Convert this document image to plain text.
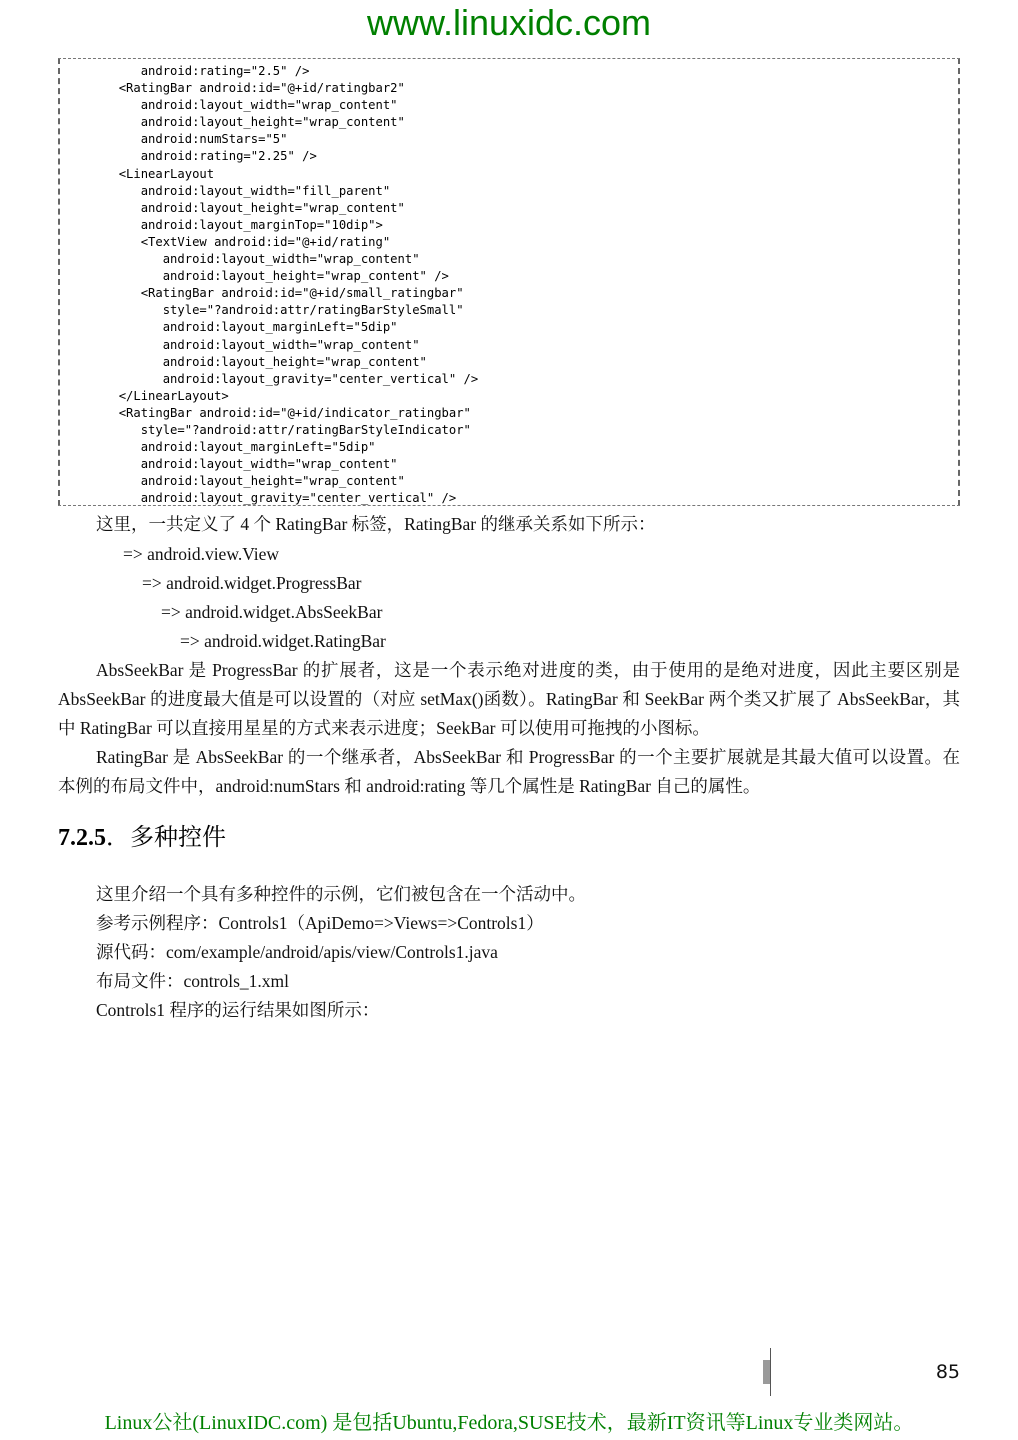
www.linuxidc.com
android:rating="2.5" />
<RatingBar android:id="@+id/ratingbar2"
android:layout_width="wrap_content"
android:layout_height="wrap_content"
android:numStars="5"
android:rating="2.25" />
<LinearLayout
android:layout_width="fill_parent"
android:layout_height="wrap_content"
android:layout_marginTop="10dip">
<TextView android:id="@+id/rating"
android:layout_width="wrap_content"
android:layout_height="wrap_content" />
<RatingBar android:id="@+id/small_ratingbar"
style="?android:attr/ratingBarStyleSmall"
android:layout_marginLeft="5dip"
android:layout_width="wrap_content"
android:layout_height="wrap_content"
android:layout_gravity="center_vertical" />
</LinearLayout>
<RatingBar android:id="@+id/indicator_ratingbar"
style="?android:attr/ratingBarStyleIndicator"
android:layout_marginLeft="5dip"
android:layout_width="wrap_content"
android:layout_height="wrap_content"
android:layout_gravity="center_vertical" />
这里，一共定义了 4 个 RatingBar 标签，RatingBar 的继承关系如下所示：
=> android.view.View
=> android.widget.ProgressBar
=> android.widget.AbsSeekBar
=> android.widget.RatingBar
AbsSeekBar 是 ProgressBar 的扩展者，这是一个表示绝对进度的类，由于使用的是绝对进度，因此主要区别是 AbsSeekBar 的进度最大值是可以设置的（对应 setMax()函数）。RatingBar 和 SeekBar 两个类又扩展了 AbsSeekBar，其中 RatingBar 可以直接用星星的方式来表示进度；SeekBar 可以使用可拖拽的小图标。
RatingBar 是 AbsSeekBar 的一个继承者，AbsSeekBar 和 ProgressBar 的一个主要扩展就是其最大值可以设置。在本例的布局文件中，android:numStars 和 android:rating 等几个属性是 RatingBar 自己的属性。
7.2.5．多种控件
这里介绍一个具有多种控件的示例，它们被包含在一个活动中。
参考示例程序：Controls1（ApiDemo=>Views=>Controls1）
源代码：com/example/android/apis/view/Controls1.java
布局文件：controls_1.xml
Controls1 程序的运行结果如图所示：
85
Linux公社(LinuxIDC.com) 是包括Ubuntu,Fedora,SUSE技术，最新IT资讯等Linux专业类网站。
